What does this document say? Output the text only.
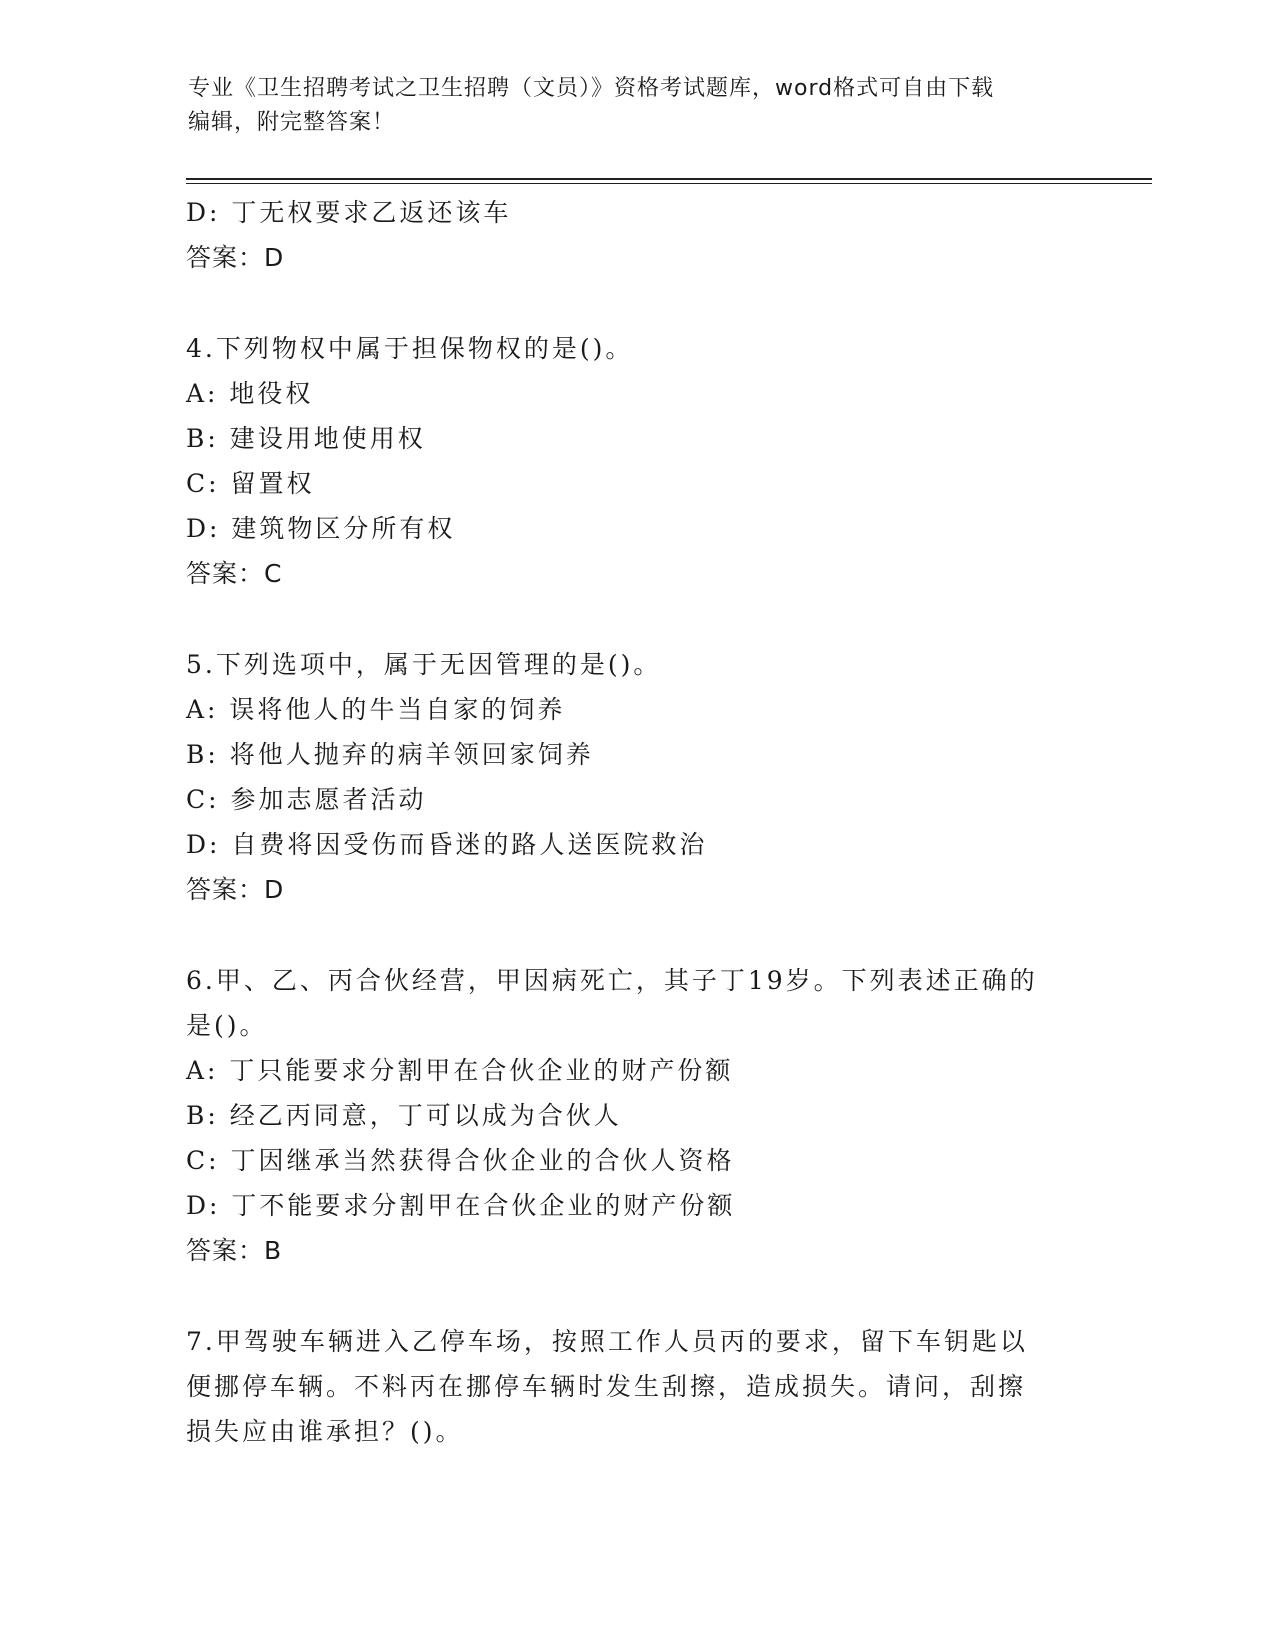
专业《卫生招聘考试之卫生招聘（文员）》资格考试题库，word格式可自由下载
编辑，附完整答案！
D: 丁无权要求乙返还该车
答案：D
4.下列物权中属于担保物权的是()。
A: 地役权
B: 建设用地使用权
C: 留置权
D: 建筑物区分所有权
答案：C
5.下列选项中，属于无因管理的是()。
A: 误将他人的牛当自家的饲养
B: 将他人抛弃的病羊领回家饲养
C: 参加志愿者活动
D: 自费将因受伤而昏迷的路人送医院救治
答案：D
6.甲、乙、丙合伙经营，甲因病死亡，其子丁19岁。下列表述正确的
是()。
A: 丁只能要求分割甲在合伙企业的财产份额
B: 经乙丙同意，丁可以成为合伙人
C: 丁因继承当然获得合伙企业的合伙人资格
D: 丁不能要求分割甲在合伙企业的财产份额
答案：B
7.甲驾驶车辆进入乙停车场，按照工作人员丙的要求，留下车钥匙以
便挪停车辆。不料丙在挪停车辆时发生刮擦，造成损失。请问，刮擦
损失应由谁承担？()。
